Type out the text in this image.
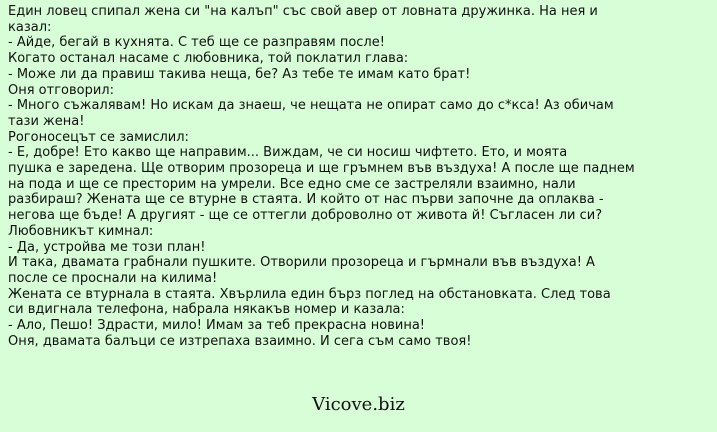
Един ловец спипал жена си "на калъп" със свой авер от ловната дружинка. На нея и
казал:
- Айде, бегай в кухнята. С теб ще се разправям после!
Когато останал насаме с любовника, той поклатил глава:
- Може ли да правиш такива неща, бе? Аз тебе те имам като брат!
Оня отговорил:
- Много съжалявам! Но искам да знаеш, че нещата не опират само до с*кса! Аз обичам
тази жена!
Рогоносецът се замислил:
- Е, добре! Ето какво ще направим... Виждам, че си носиш чифтето. Ето, и моята
пушка е заредена. Ще отворим прозореца и ще гръмнем във въздуха! А после ще паднем
на пода и ще се престорим на умрели. Все едно сме се застреляли взаимно, нали
разбираш? Жената ще се втурне в стаята. И който от нас първи започне да оплаква -
негова ще бъде! А другият - ще се оттегли доброволно от живота й! Съгласен ли си?
Любовникът кимнал:
- Да, устройва ме този план!
И така, двамата грабнали пушките. Отворили прозореца и гърмнали във въздуха! А
после се проснали на килима!
Жената се втурнала в стаята. Хвърлила един бърз поглед на обстановката. След това
си вдигнала телефона, набрала някакъв номер и казала:
- Ало, Пешо! Здрасти, мило! Имам за теб прекрасна новина!
Оня, двамата балъци се изтрепаха взаимно. И сега съм само твоя!
Vicove.biz
